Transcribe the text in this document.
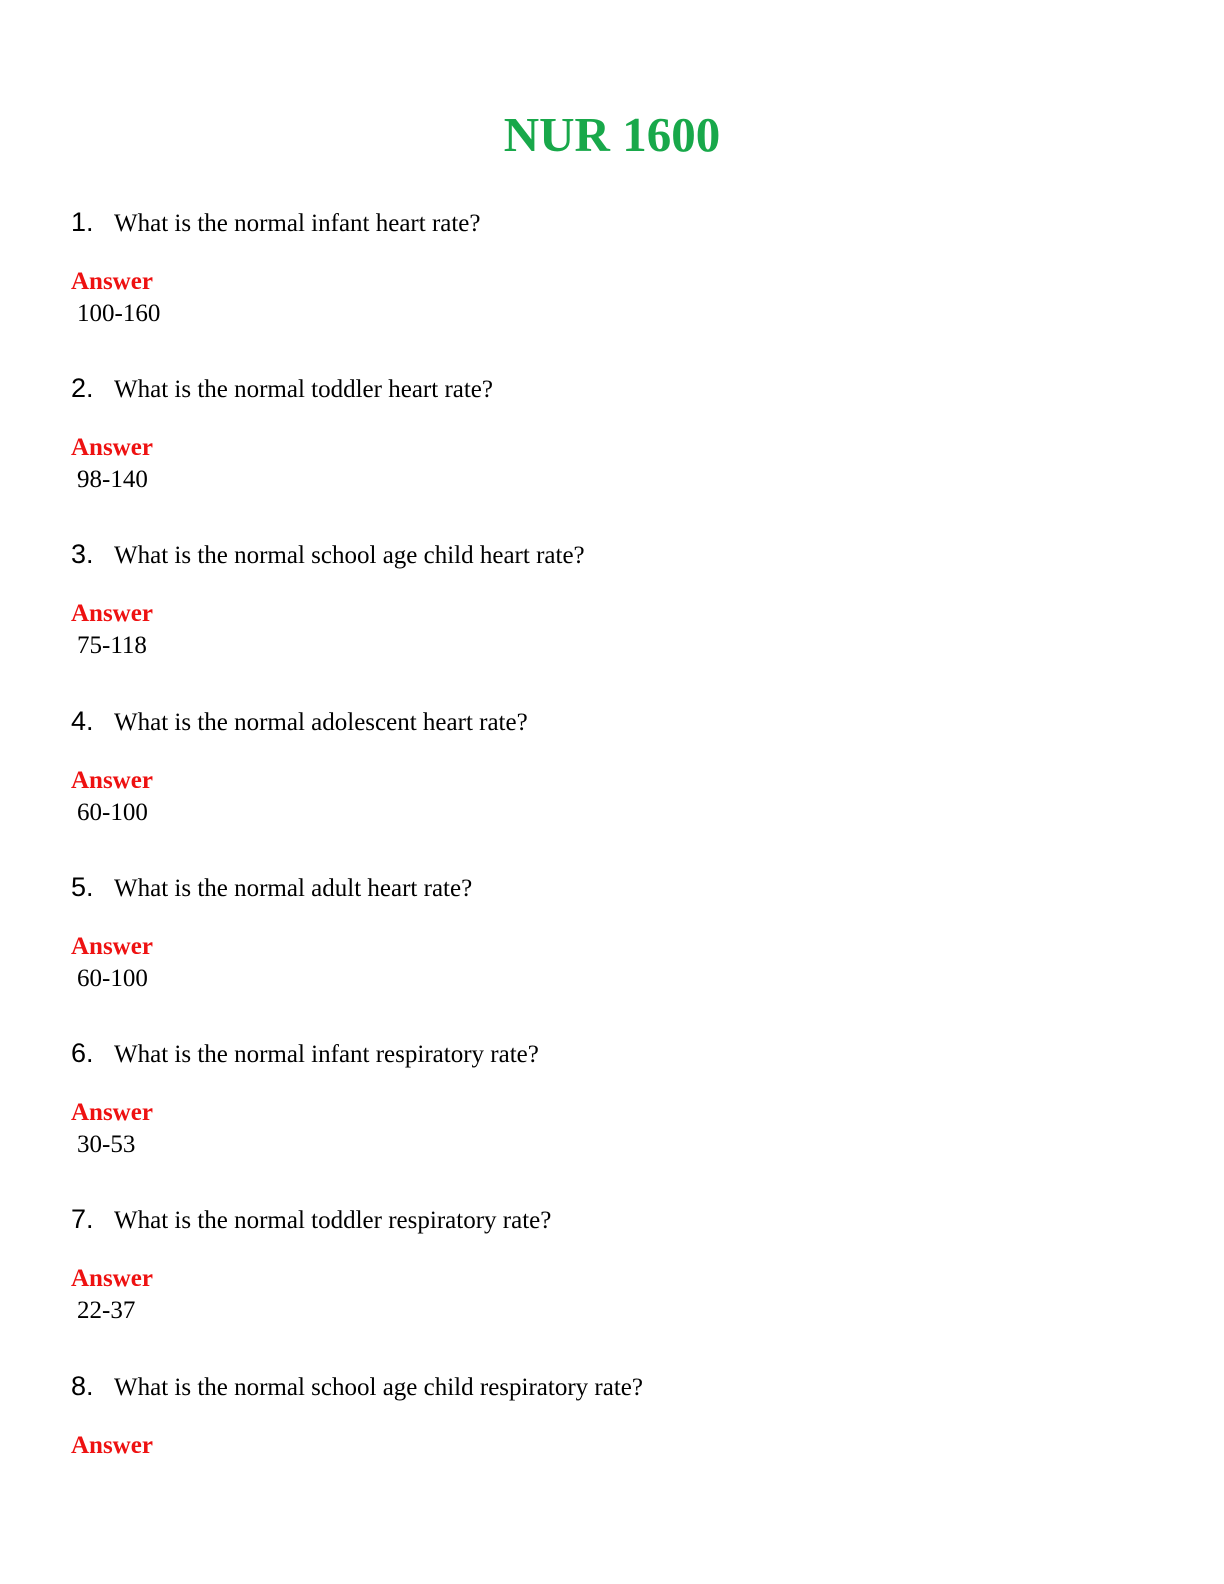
NUR 1600
1. What is the normal infant heart rate?
Answer
100-160
2. What is the normal toddler heart rate?
Answer
98-140
3. What is the normal school age child heart rate?
Answer
75-118
4. What is the normal adolescent heart rate?
Answer
60-100
5. What is the normal adult heart rate?
Answer
60-100
6. What is the normal infant respiratory rate?
Answer
30-53
7. What is the normal toddler respiratory rate?
Answer
22-37
8. What is the normal school age child respiratory rate?
Answer
